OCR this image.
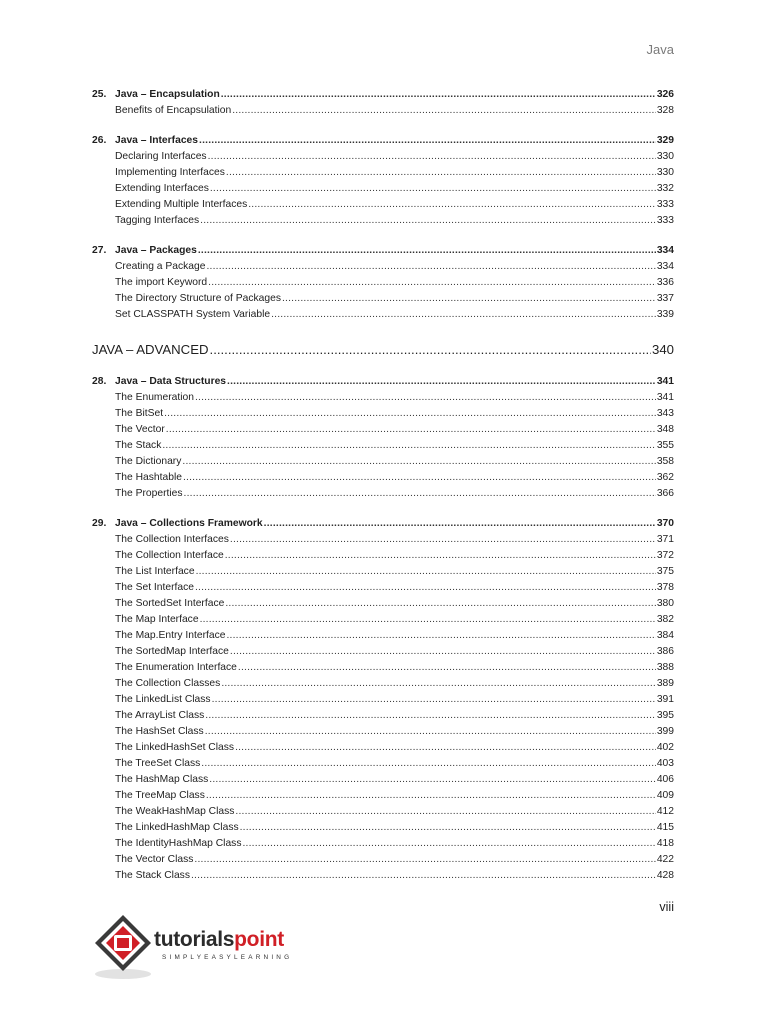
Java
25. Java – Encapsulation .....	326
Benefits of Encapsulation .....	328
26. Java – Interfaces .....	329
Declaring Interfaces .....	330
Implementing Interfaces .....	330
Extending Interfaces .....	332
Extending Multiple Interfaces .....	333
Tagging Interfaces .....	333
27. Java – Packages .....	334
Creating a Package .....	334
The import Keyword .....	336
The Directory Structure of Packages .....	337
Set CLASSPATH System Variable .....	339
JAVA – ADVANCED .....	340
28. Java – Data Structures .....	341
The Enumeration .....	341
The BitSet .....	343
The Vector .....	348
The Stack .....	355
The Dictionary .....	358
The Hashtable .....	362
The Properties .....	366
29. Java – Collections Framework .....	370
The Collection Interfaces .....	371
The Collection Interface .....	372
The List Interface .....	375
The Set Interface .....	378
The SortedSet Interface .....	380
The Map Interface .....	382
The Map.Entry Interface .....	384
The SortedMap Interface .....	386
The Enumeration Interface .....	388
The Collection Classes .....	389
The LinkedList Class .....	391
The ArrayList Class .....	395
The HashSet Class .....	399
The LinkedHashSet Class .....	402
The TreeSet Class .....	403
The HashMap Class .....	406
The TreeMap Class .....	409
The WeakHashMap Class .....	412
The LinkedHashMap Class .....	415
The IdentityHashMap Class .....	418
The Vector Class .....	422
The Stack Class .....	428
viii
tutorialspoint
SIMPLYEASYLEARNING
